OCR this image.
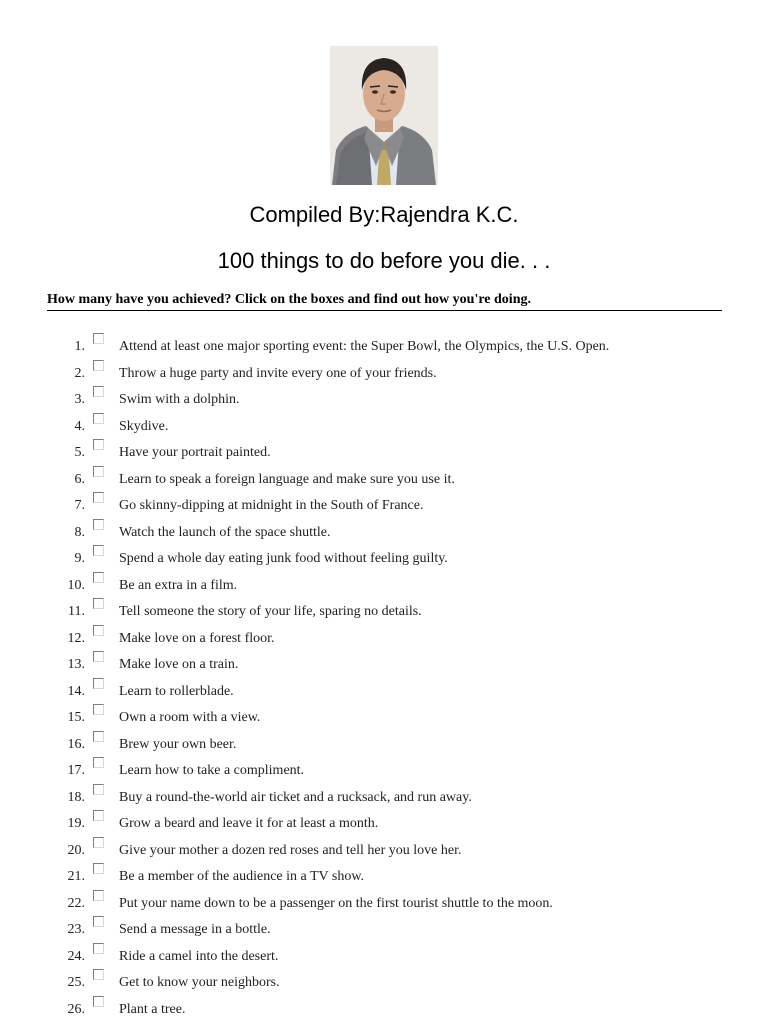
Compiled By:Rajendra K.C.
100 things to do before you die. . .
How many have you achieved? Click on the boxes and find out how you're doing.
1. Attend at least one major sporting event: the Super Bowl, the Olympics, the U.S. Open.
2. Throw a huge party and invite every one of your friends.
3. Swim with a dolphin.
4. Skydive.
5. Have your portrait painted.
6. Learn to speak a foreign language and make sure you use it.
7. Go skinny-dipping at midnight in the South of France.
8. Watch the launch of the space shuttle.
9. Spend a whole day eating junk food without feeling guilty.
10. Be an extra in a film.
11. Tell someone the story of your life, sparing no details.
12. Make love on a forest floor.
13. Make love on a train.
14. Learn to rollerblade.
15. Own a room with a view.
16. Brew your own beer.
17. Learn how to take a compliment.
18. Buy a round-the-world air ticket and a rucksack, and run away.
19. Grow a beard and leave it for at least a month.
20. Give your mother a dozen red roses and tell her you love her.
21. Be a member of the audience in a TV show.
22. Put your name down to be a passenger on the first tourist shuttle to the moon.
23. Send a message in a bottle.
24. Ride a camel into the desert.
25. Get to know your neighbors.
26. Plant a tree.
